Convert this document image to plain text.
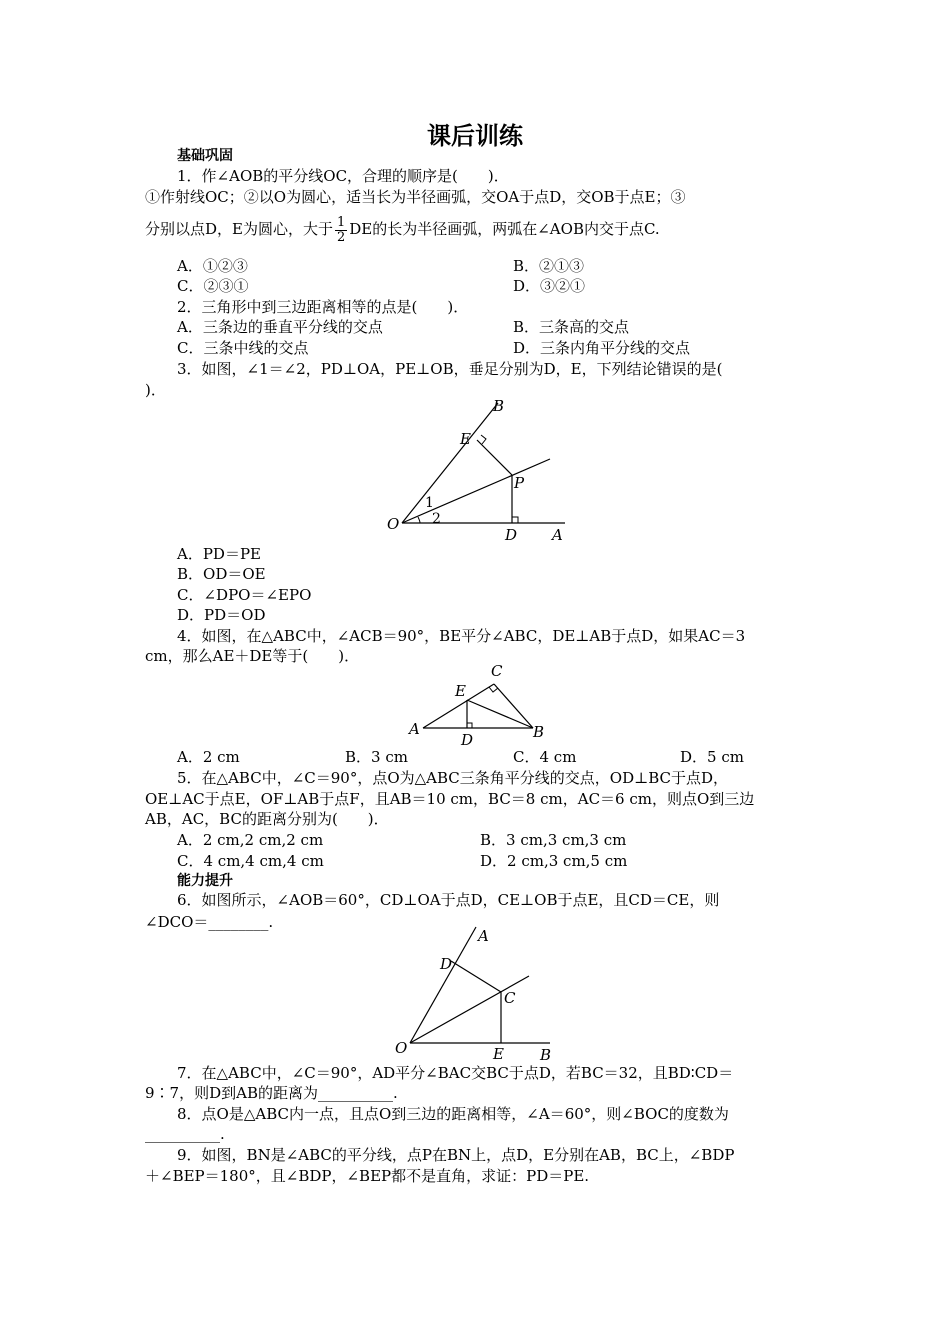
课后训练
基础巩固
1．作∠AOB的平分线OC，合理的顺序是(　　)．
①作射线OC；②以O为圆心，适当长为半径画弧，交OA于点D，交OB于点E；③
分别以点D，E为圆心，大于 $\frac{1}{2}$ DE的长为半径画弧，两弧在∠AOB内交于点C.
A．①②③	B．②①③
C．②③①	D．③②①
2．三角形中到三边距离相等的点是(　　)．
A．三条边的垂直平分线的交点	B．三条高的交点
C．三条中线的交点	D．三条内角平分线的交点
3．如图，∠1＝∠2，PD⊥OA，PE⊥OB，垂足分别为D，E，下列结论错误的是(
)．
B
E
P
O
D A
1
2
A．PD＝PE
B．OD＝OE
C．∠DPO＝∠EPO
D．PD＝OD
4．如图，在△ABC中，∠ACB＝90°，BE平分∠ABC，DE⊥AB于点D，如果AC＝3
cm，那么AE＋DE等于(　　)．
C
E
A	B
D
A．2 cm	B．3 cm	C．4 cm	D．5 cm
5．在△ABC中，∠C＝90°，点O为△ABC三条角平分线的交点，OD⊥BC于点D，
OE⊥AC于点E，OF⊥AB于点F，且AB＝10 cm，BC＝8 cm，AC＝6 cm，则点O到三边
AB，AC，BC的距离分别为(　　)．
A．2 cm,2 cm,2 cm	B．3 cm,3 cm,3 cm
C．4 cm,4 cm,4 cm	D．2 cm,3 cm,5 cm
能力提升
6．如图所示，∠AOB＝60°，CD⊥OA于点D，CE⊥OB于点E，且CD＝CE，则
∠DCO＝________.
A
D
C
O	E B
7．在△ABC中，∠C＝90°，AD平分∠BAC交BC于点D，若BC＝32，且BD∶CD＝
9∶7，则D到AB的距离为__________.
8．点O是△ABC内一点，且点O到三边的距离相等，∠A＝60°，则∠BOC的度数为
__________.
9．如图，BN是∠ABC的平分线，点P在BN上，点D，E分别在AB，BC上，∠BDP
＋∠BEP＝180°，且∠BDP，∠BEP都不是直角，求证：PD＝PE.
